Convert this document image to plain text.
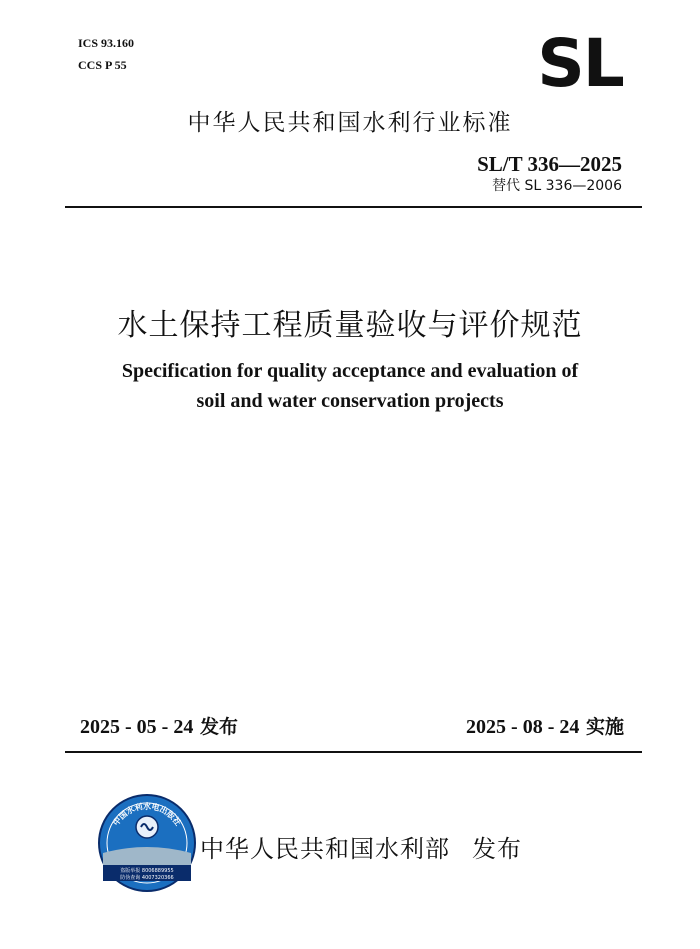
ICS 93.160
CCS P 55	SL
中华人民共和国水利行业标准
SL/T 336—2025
替代 SL 336—2006
水土保持工程质量验收与评价规范
Specification for quality acceptance and evaluation of
soil and water conservation projects
2025 - 05 - 24 发布	2025 - 08 - 24 实施
中国水利水电出版社
盗版举报 8006889955
防伪查询 4007320366
中华人民共和国水利部 发布
